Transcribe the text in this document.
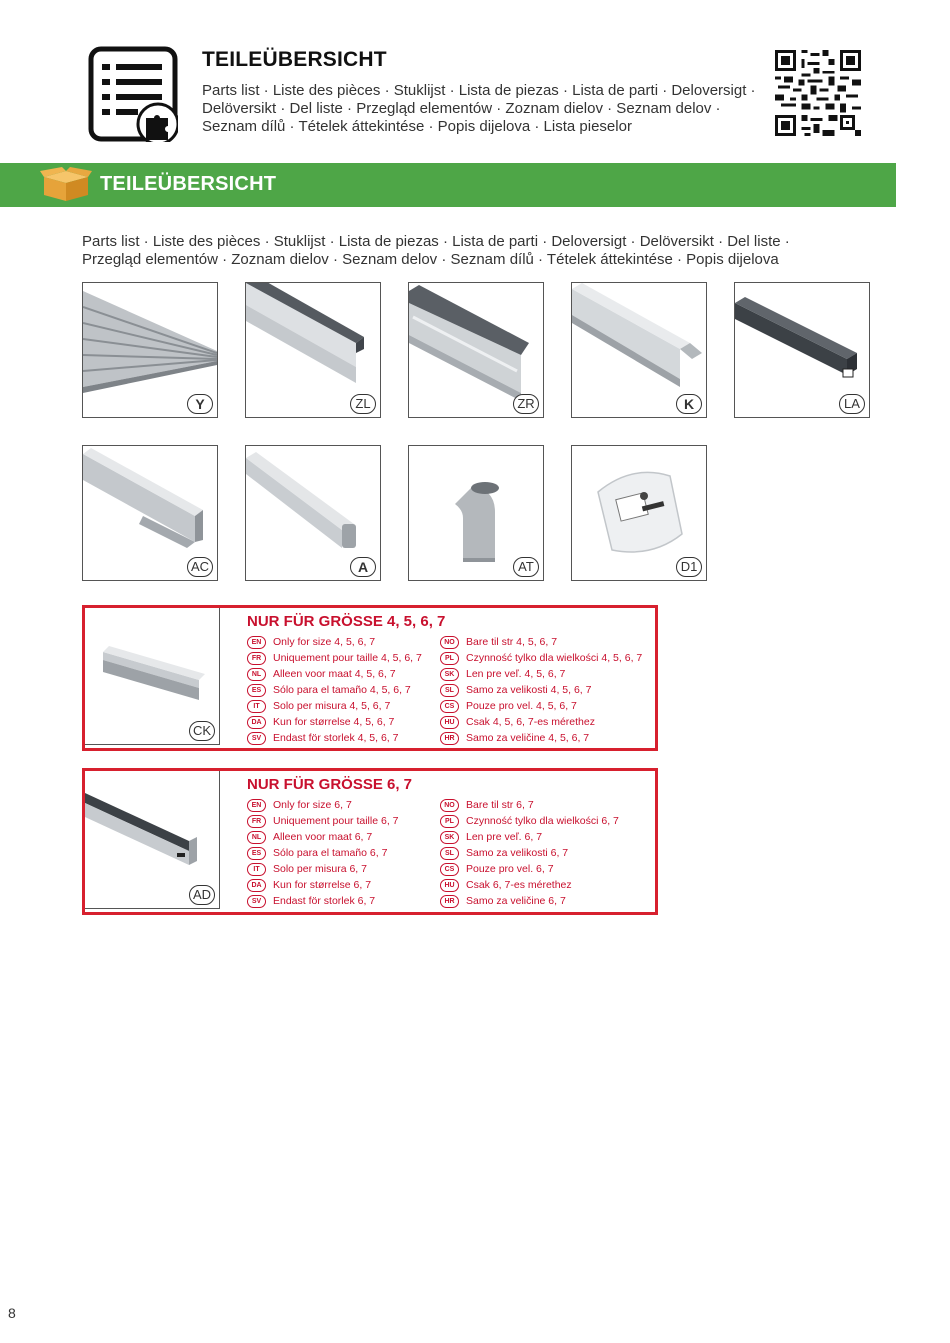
TEILEÜBERSICHT
Parts list · Liste des pièces · Stuklijst · Lista de piezas · Lista de parti · Deloversigt ·
Delöversikt · Del liste · Przegląd elementów · Zoznam dielov · Seznam delov ·
Seznam dílů · Tételek áttekintése · Popis dijelova · Lista pieselor
TEILEÜBERSICHT
Parts list · Liste des pièces · Stuklijst · Lista de piezas · Lista de parti · Deloversigt · Delöversikt · Del liste ·
Przegląd elementów · Zoznam dielov · Seznam delov · Seznam dílů · Tételek áttekintése · Popis dijelova
Y	ZL	ZR	K	LA
AC	A	AT	D1
CK
NUR FÜR GRÖSSE 4, 5, 6, 7
EN	Only for size 4, 5, 6, 7
FR	Uniquement pour taille 4, 5, 6, 7
NL	Alleen voor maat 4, 5, 6, 7
ES	Sólo para el tamaño 4, 5, 6, 7
IT	Solo per misura 4, 5, 6, 7
DA	Kun for størrelse 4, 5, 6, 7
SV	Endast för storlek 4, 5, 6, 7
NO	Bare til str 4, 5, 6, 7
PL	Czynność tylko dla wielkości 4, 5, 6, 7
SK	Len pre veľ. 4, 5, 6, 7
SL	Samo za velikosti 4, 5, 6, 7
CS	Pouze pro vel. 4, 5, 6, 7
HU	Csak 4, 5, 6, 7-es mérethez
HR	Samo za veličine 4, 5, 6, 7
AD
NUR FÜR GRÖSSE 6, 7
EN	Only for size 6, 7
FR	Uniquement pour taille 6, 7
NL	Alleen voor maat 6, 7
ES	Sólo para el tamaño 6, 7
IT	Solo per misura 6, 7
DA	Kun for størrelse 6, 7
SV	Endast för storlek 6, 7
NO	Bare til str 6, 7
PL	Czynność tylko dla wielkości 6, 7
SK	Len pre veľ. 6, 7
SL	Samo za velikosti 6, 7
CS	Pouze pro vel. 6, 7
HU	Csak 6, 7-es mérethez
HR	Samo za veličine 6, 7
8
